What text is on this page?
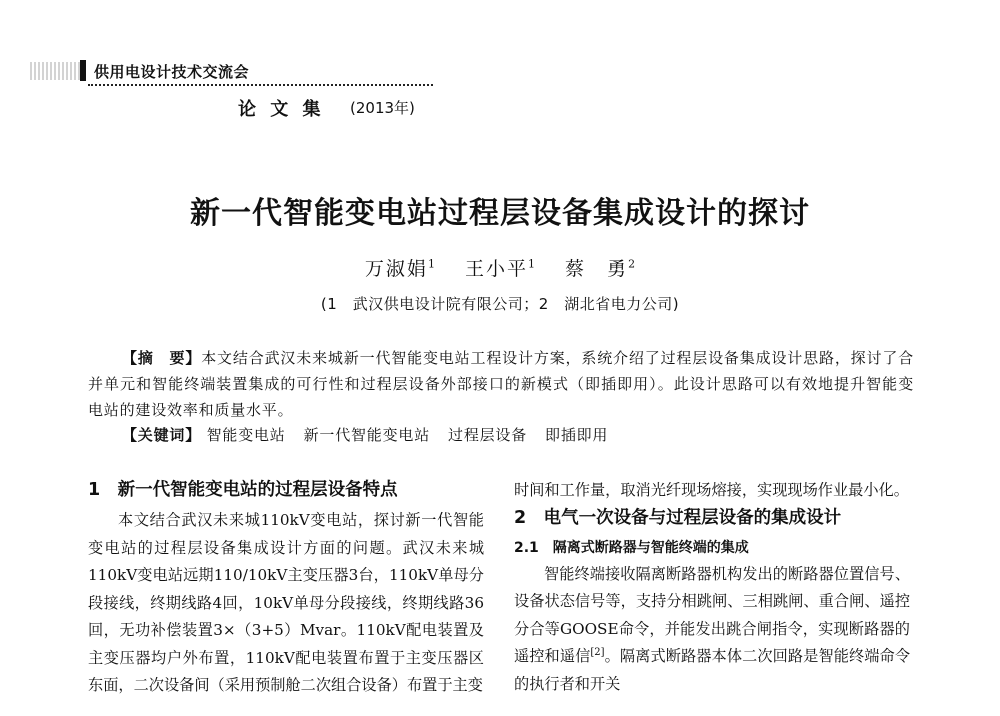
供用电设计技术交流会
论 文 集 (2013年)
新一代智能变电站过程层设备集成设计的探讨
万淑娟$^1$ 王小平$^1$ 蔡　勇$^2$
(1　武汉供电设计院有限公司；2　湖北省电力公司)
【摘　要】本文结合武汉未来城新一代智能变电站工程设计方案，系统介绍了过程层设备集成设计思路，探讨了合并单元和智能终端装置集成的可行性和过程层设备外部接口的新模式（即插即用）。此设计思路可以有效地提升智能变电站的建设效率和质量水平。
【关键词】 智能变电站 新一代智能变电站 过程层设备 即插即用
1　新一代智能变电站的过程层设备特点

本文结合武汉未来城110kV变电站，探讨新一代智能变电站的过程层设备集成设计方面的问题。武汉未来城110kV变电站远期110/10kV主变压器3台，110kV单母分段接线，终期线路4回，10kV单母分段接线，终期线路36回，无功补偿装置3×（3+5）Mvar。110kV配电装置及主变压器均户外布置，110kV配电装置布置于主变压器区东面，二次设备间（采用预制舱二次组合设备）布置于主变

时间和工作量，取消光纤现场熔接，实现现场作业最小化。

2　电气一次设备与过程层设备的集成设计
2.1　隔离式断路器与智能终端的集成

智能终端接收隔离断路器机构发出的断路器位置信号、设备状态信号等，支持分相跳闸、三相跳闸、重合闸、遥控分合等GOOSE命令，并能发出跳合闸指令，实现断路器的遥控和遥信[2]。隔离式断路器本体二次回路是智能终端命令的执行者和开关
